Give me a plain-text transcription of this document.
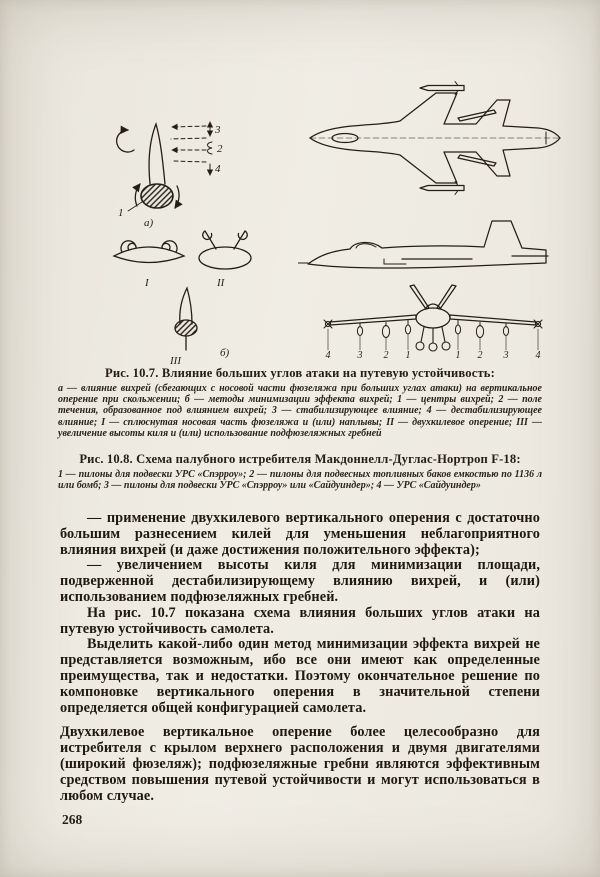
3
2
4
1
а)
I	II
III
б)	4	3 2 1	1 2 3	4
Рис. 10.7. Влияние больших углов атаки на путевую устойчивость:
а — влияние вихрей (сбегающих с носовой части фюзеляжа при больших углах атаки) на вертикальное оперение при скольжении; б — методы минимизации эффекта вихрей; 1 — центры вихрей; 2 — поле течения, образованное под влиянием вихрей; 3 — стабилизирующее влияние; 4 — дестабилизирующее влияние; I — сплюснутая носовая часть фюзеляжа и (или) наплывы; II — двухкилевое оперение; III — увеличение высоты киля и (или) использование подфюзеляжных гребней
Рис. 10.8. Схема палубного истребителя Макдоннелл-Дуглас-Нортроп F-18:
1 — пилоны для подвески УРС «Спэрроу»; 2 — пилоны для подвесных топливных баков емкостью по 1136 л или бомб; 3 — пилоны для подвески УРС «Спэрроу» или «Сайдуиндер»; 4 — УРС «Сайдуиндер»

— применение двухкилевого вертикального оперения с достаточно большим разнесением килей для уменьшения неблагоприятного влияния вихрей (и даже достижения положительного эффекта);

— увеличением высоты киля для минимизации площади, подверженной дестабилизирующему влиянию вихрей, и (или) использованием подфюзеляжных гребней.

На рис. 10.7 показана схема влияния больших углов атаки на путевую устойчивость самолета.

Выделить какой-либо один метод минимизации эффекта вихрей не представляется возможным, ибо все они имеют как определенные преимущества, так и недостатки. Поэтому окончательное решение по компоновке вертикального оперения в значительной степени определяется общей конфигурацией самолета.

Двухкилевое вертикальное оперение более целесообразно для истребителя с крылом верхнего расположения и двумя двигателями (широкий фюзеляж); подфюзеляжные гребни являются эффективным средством повышения путевой устойчивости и могут использоваться в любом случае.

268
